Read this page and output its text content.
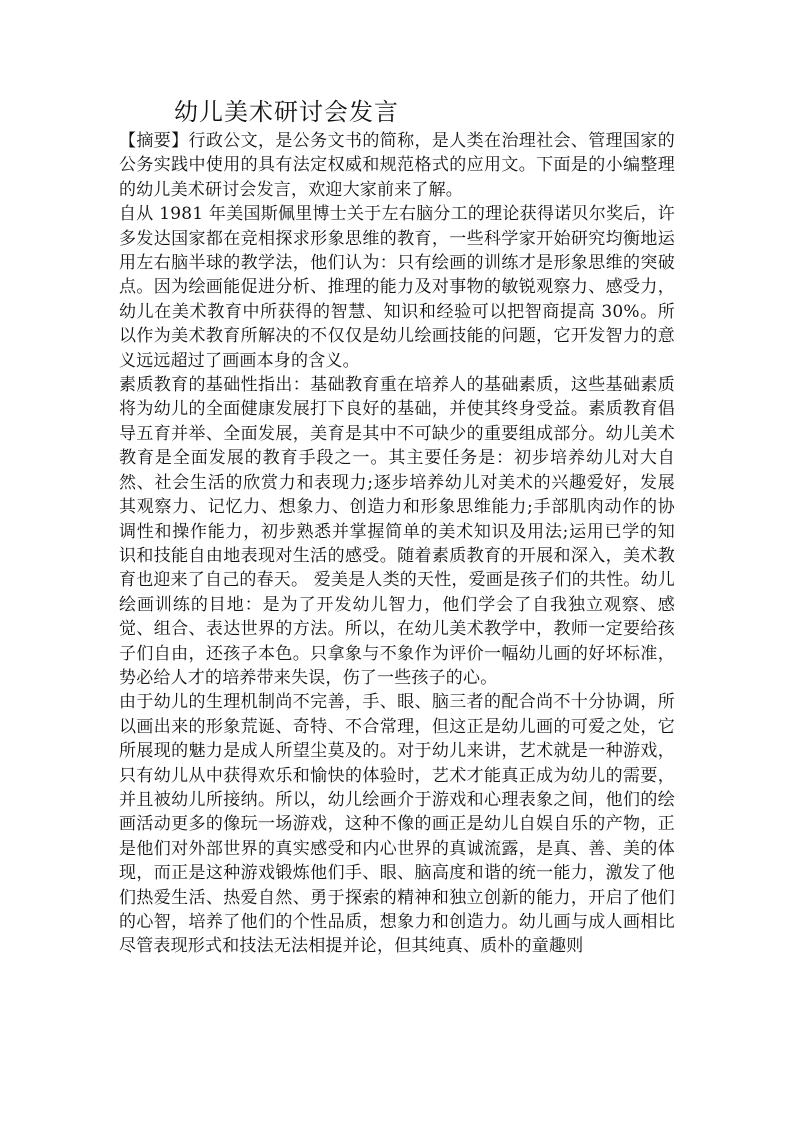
幼儿美术研讨会发言

【摘要】行政公文，是公务文书的简称，是人类在治理社会、管理国家的公务实践中使用的具有法定权威和规范格式的应用文。下面是的小编整理的幼儿美术研讨会发言，欢迎大家前来了解。

自从 1981 年美国斯佩里博士关于左右脑分工的理论获得诺贝尔奖后，许多发达国家都在竞相探求形象思维的教育，一些科学家开始研究均衡地运用左右脑半球的教学法，他们认为：只有绘画的训练才是形象思维的突破点。因为绘画能促进分析、推理的能力及对事物的敏锐观察力、感受力，幼儿在美术教育中所获得的智慧、知识和经验可以把智商提高 30%。所以作为美术教育所解决的不仅仅是幼儿绘画技能的问题，它开发智力的意义远远超过了画画本身的含义。

素质教育的基础性指出：基础教育重在培养人的基础素质，这些基础素质将为幼儿的全面健康发展打下良好的基础，并使其终身受益。素质教育倡导五育并举、全面发展，美育是其中不可缺少的重要组成部分。幼儿美术教育是全面发展的教育手段之一。其主要任务是：初步培养幼儿对大自然、社会生活的欣赏力和表现力;逐步培养幼儿对美术的兴趣爱好，发展其观察力、记忆力、想象力、创造力和形象思维能力;手部肌肉动作的协调性和操作能力，初步熟悉并掌握简单的美术知识及用法;运用已学的知识和技能自由地表现对生活的感受。随着素质教育的开展和深入，美术教育也迎来了自己的春天。 爱美是人类的天性，爱画是孩子们的共性。幼儿绘画训练的目地：是为了开发幼儿智力，他们学会了自我独立观察、感觉、组合、表达世界的方法。所以，在幼儿美术教学中，教师一定要给孩子们自由，还孩子本色。只拿象与不象作为评价一幅幼儿画的好坏标准，势必给人才的培养带来失误，伤了一些孩子的心。

由于幼儿的生理机制尚不完善，手、眼、脑三者的配合尚不十分协调，所以画出来的形象荒诞、奇特、不合常理，但这正是幼儿画的可爱之处，它所展现的魅力是成人所望尘莫及的。对于幼儿来讲，艺术就是一种游戏，只有幼儿从中获得欢乐和愉快的体验时，艺术才能真正成为幼儿的需要，并且被幼儿所接纳。所以，幼儿绘画介于游戏和心理表象之间，他们的绘画活动更多的像玩一场游戏，这种不像的画正是幼儿自娱自乐的产物，正是他们对外部世界的真实感受和内心世界的真诚流露，是真、善、美的体现，而正是这种游戏锻炼他们手、眼、脑高度和谐的统一能力，激发了他们热爱生活、热爱自然、勇于探索的精神和独立创新的能力，开启了他们的心智，培养了他们的个性品质，想象力和创造力。幼儿画与成人画相比尽管表现形式和技法无法相提并论，但其纯真、质朴的童趣则
